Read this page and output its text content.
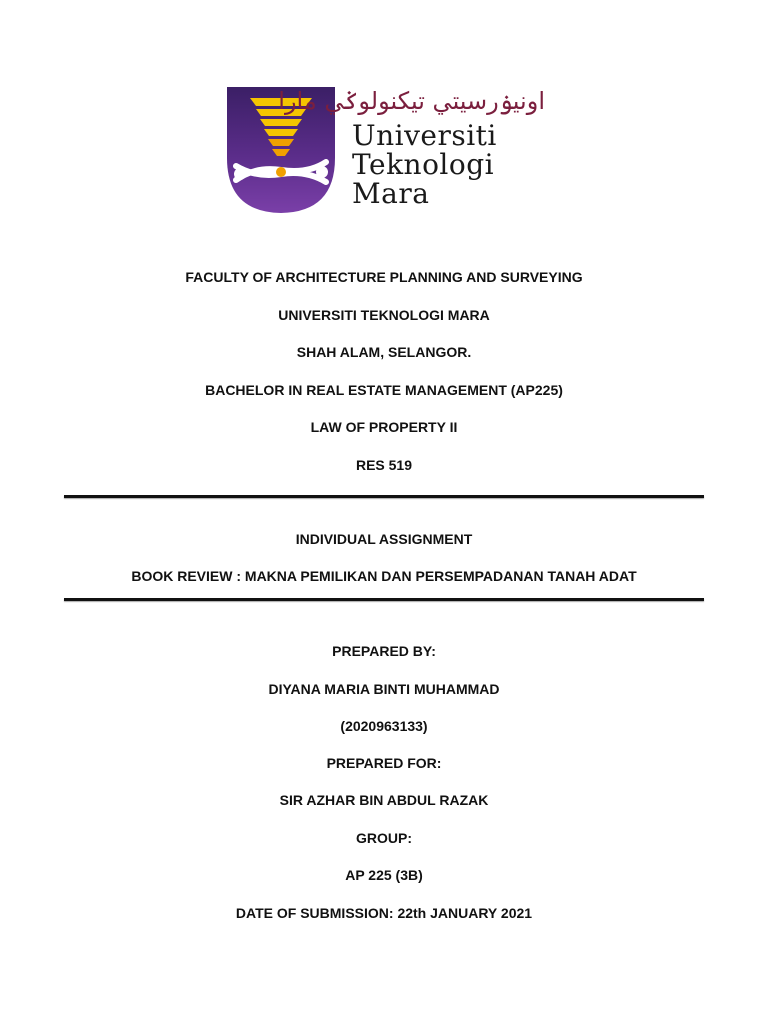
اونيۏرسيتي تيکنولوݢي مارا
Universiti
Teknologi
Mara
FACULTY OF ARCHITECTURE PLANNING AND SURVEYING
UNIVERSITI TEKNOLOGI MARA
SHAH ALAM, SELANGOR.
BACHELOR IN REAL ESTATE MANAGEMENT (AP225)
LAW OF PROPERTY II
RES 519
INDIVIDUAL ASSIGNMENT
BOOK REVIEW : MAKNA PEMILIKAN DAN PERSEMPADANAN TANAH ADAT
PREPARED BY:
DIYANA MARIA BINTI MUHAMMAD
(2020963133)
PREPARED FOR:
SIR AZHAR BIN ABDUL RAZAK
GROUP:
AP 225 (3B)
DATE OF SUBMISSION: 22th JANUARY 2021
